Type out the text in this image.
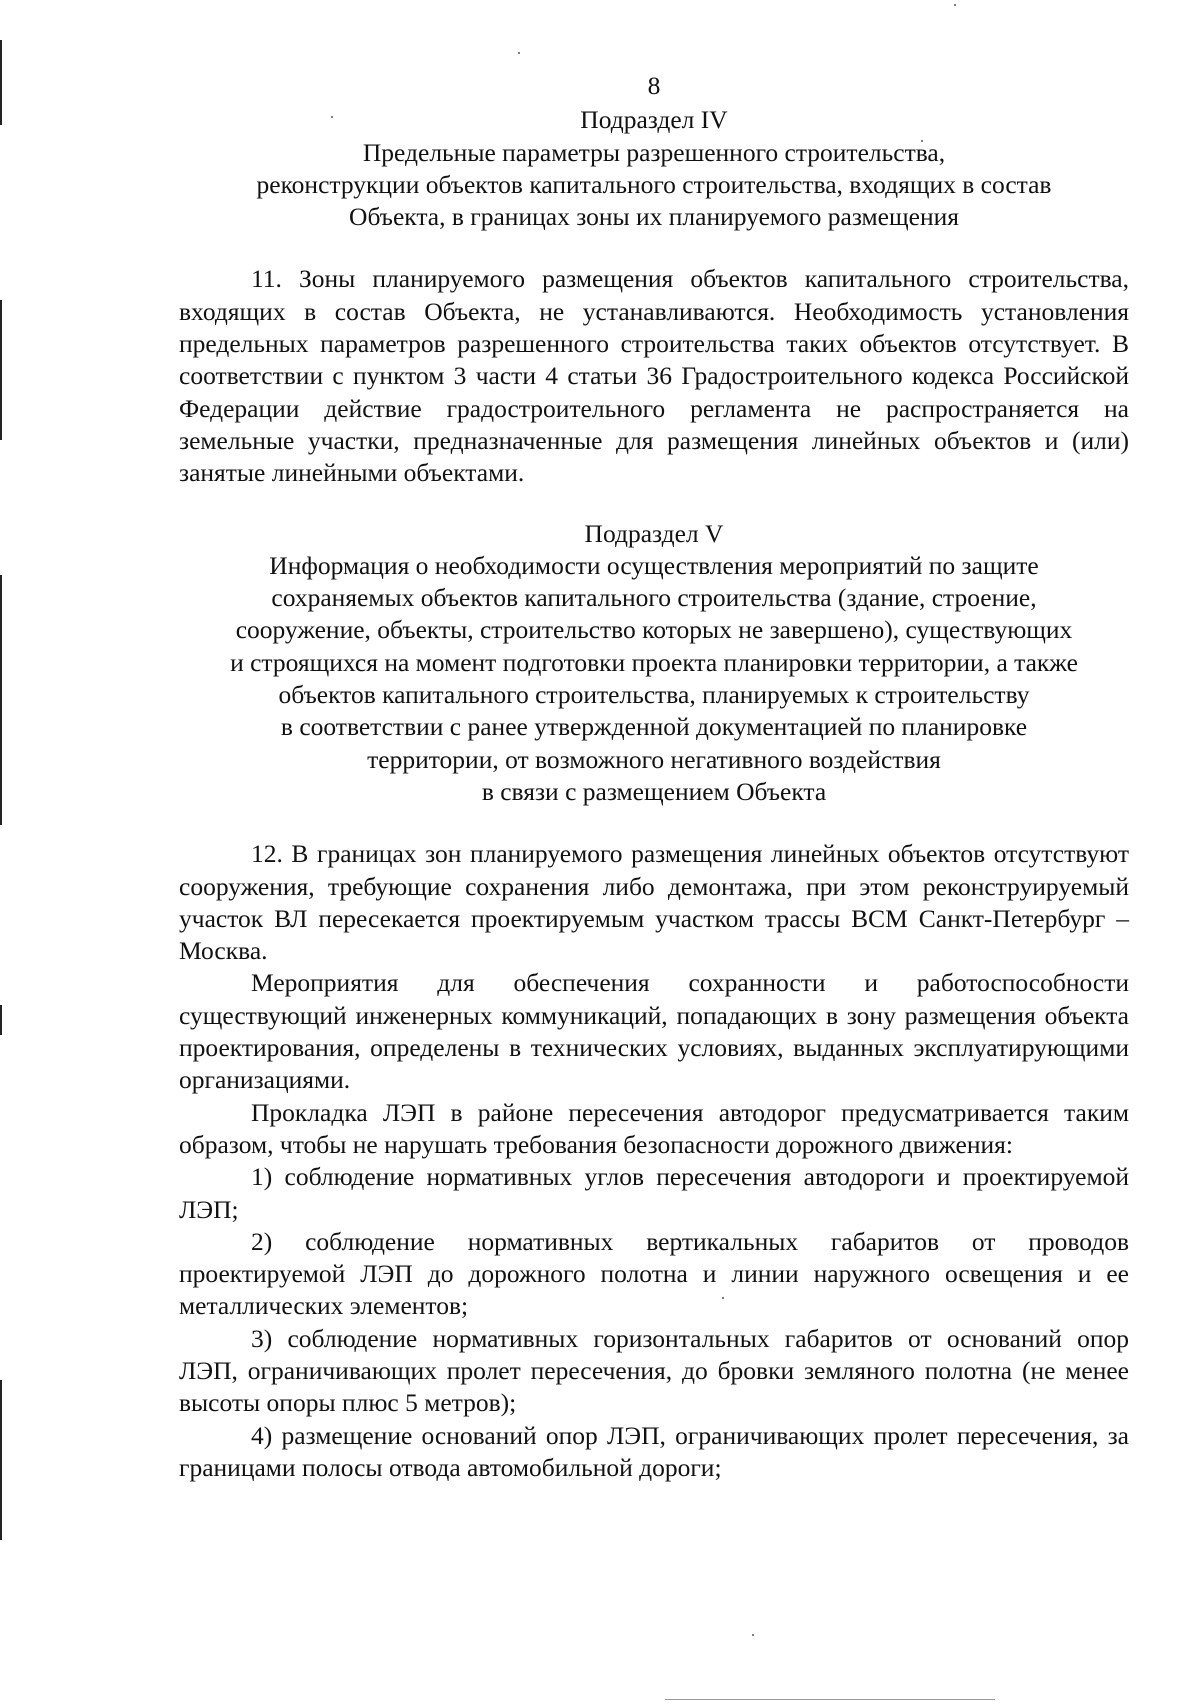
8
Подраздел IV
Предельные параметры разрешенного строительства,
реконструкции объектов капитального строительства, входящих в состав
Объекта, в границах зоны их планируемого размещения

11. Зоны планируемого размещения объектов капитального строительства, входящих в состав Объекта, не устанавливаются. Необходимость установления предельных параметров разрешенного строительства таких объектов отсутствует. В соответствии с пунктом 3 части 4 статьи 36 Градостроительного кодекса Российской Федерации действие градостроительного регламента не распространяется на земельные участки, предназначенные для размещения линейных объектов и (или) занятые линейными объектами.

Подраздел V
Информация о необходимости осуществления мероприятий по защите
сохраняемых объектов капитального строительства (здание, строение,
сооружение, объекты, строительство которых не завершено), существующих
и строящихся на момент подготовки проекта планировки территории, а также
объектов капитального строительства, планируемых к строительству
в соответствии с ранее утвержденной документацией по планировке
территории, от возможного негативного воздействия
в связи с размещением Объекта

12. В границах зон планируемого размещения линейных объектов отсутствуют сооружения, требующие сохранения либо демонтажа, при этом реконструируемый участок ВЛ пересекается проектируемым участком трассы ВСМ Санкт-Петербург – Москва.

Мероприятия для обеспечения сохранности и работоспособности существующий инженерных коммуникаций, попадающих в зону размещения объекта проектирования, определены в технических условиях, выданных эксплуатирующими организациями.

Прокладка ЛЭП в районе пересечения автодорог предусматривается таким образом, чтобы не нарушать требования безопасности дорожного движения:

1) соблюдение нормативных углов пересечения автодороги и проектируемой ЛЭП;

2) соблюдение нормативных вертикальных габаритов от проводов проектируемой ЛЭП до дорожного полотна и линии наружного освещения и ее металлических элементов;

3) соблюдение нормативных горизонтальных габаритов от оснований опор ЛЭП, ограничивающих пролет пересечения, до бровки земляного полотна (не менее высоты опоры плюс 5 метров);

4) размещение оснований опор ЛЭП, ограничивающих пролет пересечения, за границами полосы отвода автомобильной дороги;
